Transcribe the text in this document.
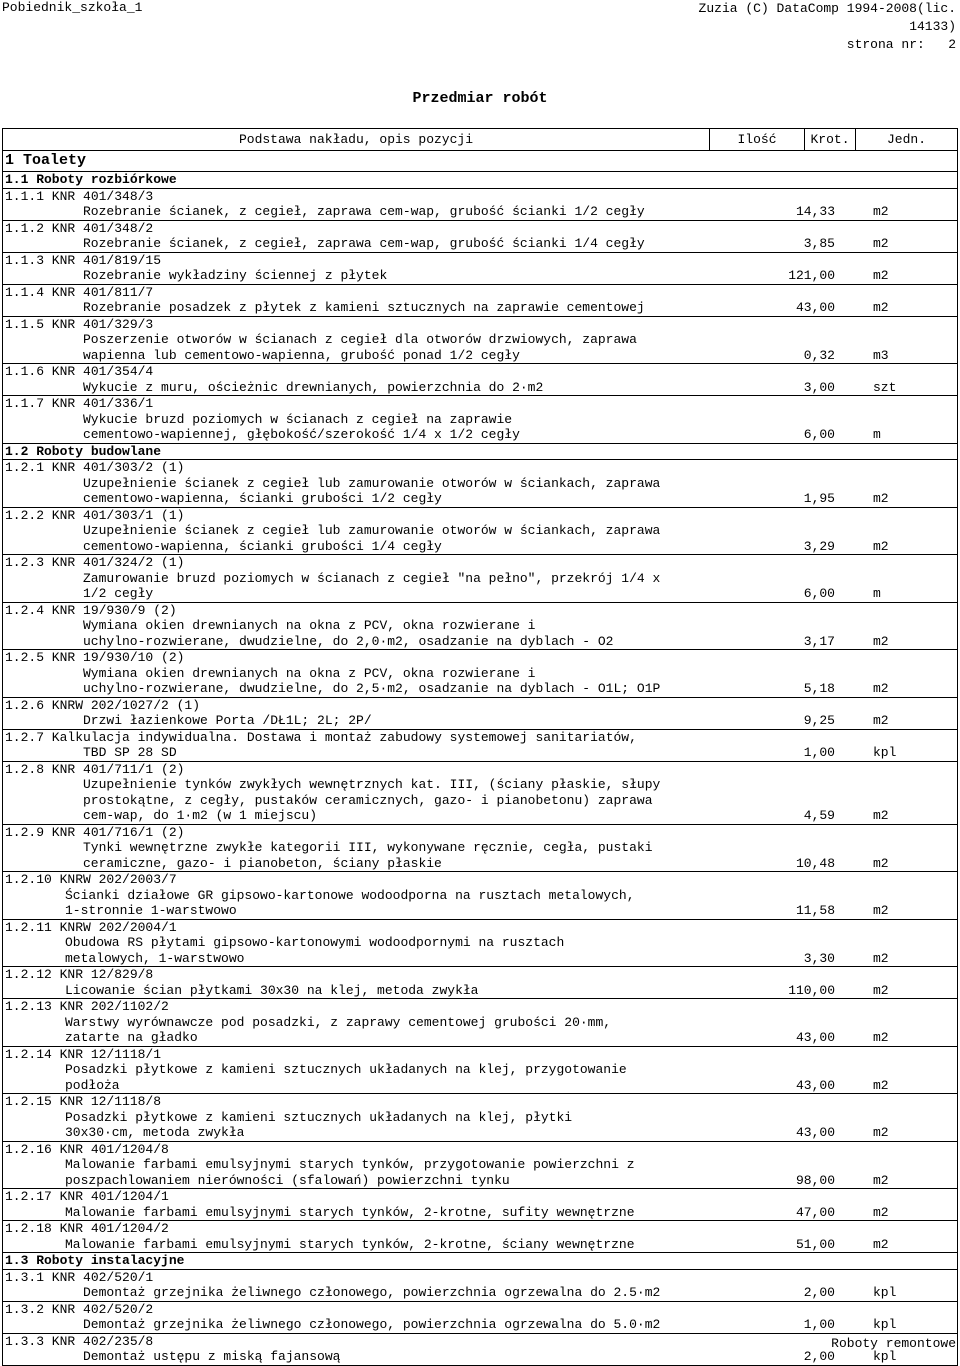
Pobiednik_szkoła_1	Zuzia (C) DataComp 1994-2008(lic.
14133)
strona nr:   2
Przedmiar robót
Podstawa nakładu, opis pozycji	Ilość	Krot.	Jedn.
1 Toalety
1.1 Roboty rozbiórkowe
1.1.1 KNR 401/348/3
Rozebranie ścianek, z cegieł, zaprawa cem-wap, grubość ścianki 1/2 cegły	14,33	m2
1.1.2 KNR 401/348/2
Rozebranie ścianek, z cegieł, zaprawa cem-wap, grubość ścianki 1/4 cegły	3,85	m2
1.1.3 KNR 401/819/15
Rozebranie wykładziny ściennej z płytek	121,00	m2
1.1.4 KNR 401/811/7
Rozebranie posadzek z płytek z kamieni sztucznych na zaprawie cementowej	43,00	m2
1.1.5 KNR 401/329/3
Poszerzenie otworów w ścianach z cegieł dla otworów drzwiowych, zaprawa
wapienna lub cementowo-wapienna, grubość ponad 1/2 cegły	0,32	m3
1.1.6 KNR 401/354/4
Wykucie z muru, ościeżnic drewnianych, powierzchnia do 2·m2	3,00	szt
1.1.7 KNR 401/336/1
Wykucie bruzd poziomych w ścianach z cegieł na zaprawie
cementowo-wapiennej, głębokość/szerokość 1/4 x 1/2 cegły	6,00	m
1.2 Roboty budowlane
1.2.1 KNR 401/303/2 (1)
Uzupełnienie ścianek z cegieł lub zamurowanie otworów w ściankach, zaprawa
cementowo-wapienna, ścianki grubości 1/2 cegły	1,95	m2
1.2.2 KNR 401/303/1 (1)
Uzupełnienie ścianek z cegieł lub zamurowanie otworów w ściankach, zaprawa
cementowo-wapienna, ścianki grubości 1/4 cegły	3,29	m2
1.2.3 KNR 401/324/2 (1)
Zamurowanie bruzd poziomych w ścianach z cegieł "na pełno", przekrój 1/4 x
1/2 cegły	6,00	m
1.2.4 KNR 19/930/9 (2)
Wymiana okien drewnianych na okna z PCV, okna rozwierane i
uchylno-rozwierane, dwudzielne, do 2,0·m2, osadzanie na dyblach - O2	3,17	m2
1.2.5 KNR 19/930/10 (2)
Wymiana okien drewnianych na okna z PCV, okna rozwierane i
uchylno-rozwierane, dwudzielne, do 2,5·m2, osadzanie na dyblach - O1L; O1P	5,18	m2
1.2.6 KNRW 202/1027/2 (1)
Drzwi łazienkowe Porta /DŁ1L; 2L; 2P/	9,25	m2
1.2.7 Kalkulacja indywidualna. Dostawa i montaż zabudowy systemowej sanitariatów,
TBD SP 28 SD	1,00	kpl
1.2.8 KNR 401/711/1 (2)
Uzupełnienie tynków zwykłych wewnętrznych kat. III, (ściany płaskie, słupy
prostokątne, z cegły, pustaków ceramicznych, gazo- i pianobetonu) zaprawa
cem-wap, do 1·m2 (w 1 miejscu)	4,59	m2
1.2.9 KNR 401/716/1 (2)
Tynki wewnętrzne zwykłe kategorii III, wykonywane ręcznie, cegła, pustaki
ceramiczne, gazo- i pianobeton, ściany płaskie	10,48	m2
1.2.10 KNRW 202/2003/7
Ścianki działowe GR gipsowo-kartonowe wodoodporna na rusztach metalowych,
1-stronnie 1-warstwowo	11,58	m2
1.2.11 KNRW 202/2004/1
Obudowa RS płytami gipsowo-kartonowymi wodoodpornymi na rusztach
metalowych, 1-warstwowo	3,30	m2
1.2.12 KNR 12/829/8
Licowanie ścian płytkami 30x30 na klej, metoda zwykła	110,00	m2
1.2.13 KNR 202/1102/2
Warstwy wyrównawcze pod posadzki, z zaprawy cementowej grubości 20·mm,
zatarte na gładko	43,00	m2
1.2.14 KNR 12/1118/1
Posadzki płytkowe z kamieni sztucznych układanych na klej, przygotowanie
podłoża	43,00	m2
1.2.15 KNR 12/1118/8
Posadzki płytkowe z kamieni sztucznych układanych na klej, płytki
30x30·cm, metoda zwykła	43,00	m2
1.2.16 KNR 401/1204/8
Malowanie farbami emulsyjnymi starych tynków, przygotowanie powierzchni z
poszpachlowaniem nierówności (sfalowań) powierzchni tynku	98,00	m2
1.2.17 KNR 401/1204/1
Malowanie farbami emulsyjnymi starych tynków, 2-krotne, sufity wewnętrzne	47,00	m2
1.2.18 KNR 401/1204/2
Malowanie farbami emulsyjnymi starych tynków, 2-krotne, ściany wewnętrzne	51,00	m2
1.3 Roboty instalacyjne
1.3.1 KNR 402/520/1
Demontaż grzejnika żeliwnego członowego, powierzchnia ogrzewalna do 2.5·m2	2,00	kpl
1.3.2 KNR 402/520/2
Demontaż grzejnika żeliwnego członowego, powierzchnia ogrzewalna do 5.0·m2	1,00	kpl
1.3.3 KNR 402/235/8
Demontaż ustępu z miską fajansową	2,00	kpl
Roboty remontowe
